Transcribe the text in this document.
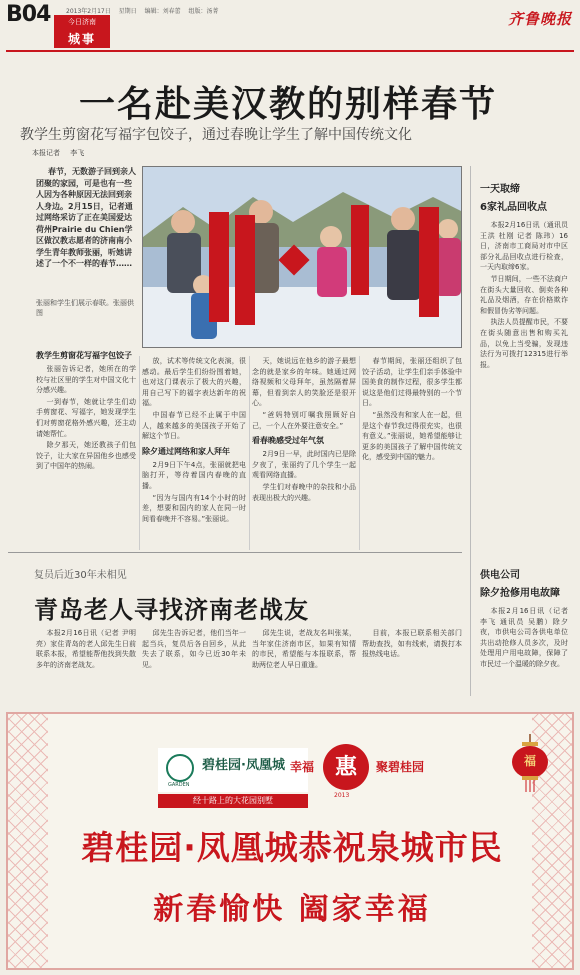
B04	2013年2月17日 星期日 编辑：刘春蕾 组版：汤菁
今日济南
城事
齐鲁晚报
一名赴美汉教的别样春节
教学生剪窗花写福字包饺子，通过春晚让学生了解中国传统文化
本报记者 李飞

春节，无数游子回到亲人团聚的家园，可是也有一些人因为各种原因无法回到亲人身边。2月15日，记者通过网络采访了正在美国爱达荷州Prairie du Chien学区做汉教志愿者的济南南小学生青年教师张丽，听她讲述了一个不一样的春节……

张丽和学生们展示春联。张丽供图
教学生剪窗花写福字包饺子

张丽告诉记者，她所在的学校与社区里的学生对中国文化十分感兴趣。

一到春节，她就让学生们动手剪窗花、写福字，她发现学生们对剪窗花格外感兴趣，还主动请她帮忙。

除夕那天，她还教孩子们包饺子，让大家在异国他乡也感受到了中国年的热闹。

放，试术等传统文化表演，很感动。最后学生们纷纷围着她，也对这门课表示了极大的兴趣，用自己写下的福字表达新年的祝福。

中国春节已经不止属于中国人，越来越多的美国孩子开始了解这个节日。

除夕通过网络和家人拜年

2月9日下午4点，张丽就把电脑打开，等待着国内春晚的直播。

“因为与国内有14个小时的时差，想要和国内的家人在同一时间看春晚并不容易。”张丽说。

天，她说远在他乡的游子最想念的就是家乡的年味。她通过网络视频和父母拜年，虽然隔着屏幕，但看到亲人的笑脸还是很开心。

“爸妈特别叮嘱我照顾好自己，一个人在外要注意安全。”

看春晚感受过年气氛

2月9日一早，此时国内已是除夕夜了，张丽约了几个学生一起观看网络直播。

学生们对春晚中的杂技和小品表现出极大的兴趣。

春节期间，张丽还组织了包饺子活动，让学生们亲手体验中国美食的制作过程，很多学生都说这是他们过得最特别的一个节日。

“虽然没有和家人在一起，但是这个春节我过得很充实，也很有意义。”张丽说，她希望能够让更多的美国孩子了解中国传统文化，感受到中国的魅力。

一天取缔
6家礼品回收点

本报2月16日讯（通讯员 王洪 杜刚 记者 陈玮）16日，济南市工商局对市中区部分礼品回收点进行检查，一天内取缔6家。

节日期间，一些不法商户在街头大量回收、倒卖各种礼品及烟酒，存在价格欺诈和假冒伪劣等问题。

执法人员提醒市民，不要在街头随意出售和购买礼品，以免上当受骗，发现违法行为可拨打12315进行举报。

供电公司
除夕抢修用电故障

本报2月16日讯（记者 李飞 通讯员 吴鹏）除夕夜，市供电公司各供电单位共出动抢修人员多次，及时处理用户用电故障，保障了市民过一个温暖的除夕夜。

复员后近30年未相见
青岛老人寻找济南老战友

本报2月16日讯（记者 尹明亮）家住青岛的老人邱先生日前联系本报，希望能帮他找到失散多年的济南老战友。

邱先生告诉记者，他们当年一起当兵，复员后各自回乡，从此失去了联系，如今已近30年未见。

邱先生说，老战友名叫张某，当年家住济南市区，如果有知情的市民，希望能与本报联系，帮助两位老人早日重逢。

目前，本报已联系相关部门帮助查找，如有线索，请拨打本报热线电话。

碧桂园·凤凰城
GARDEN
经十路上的大花园别墅
幸福 惠	聚碧桂园
2013
福
碧桂园·凤凰城恭祝泉城市民
新春愉快 阖家幸福
